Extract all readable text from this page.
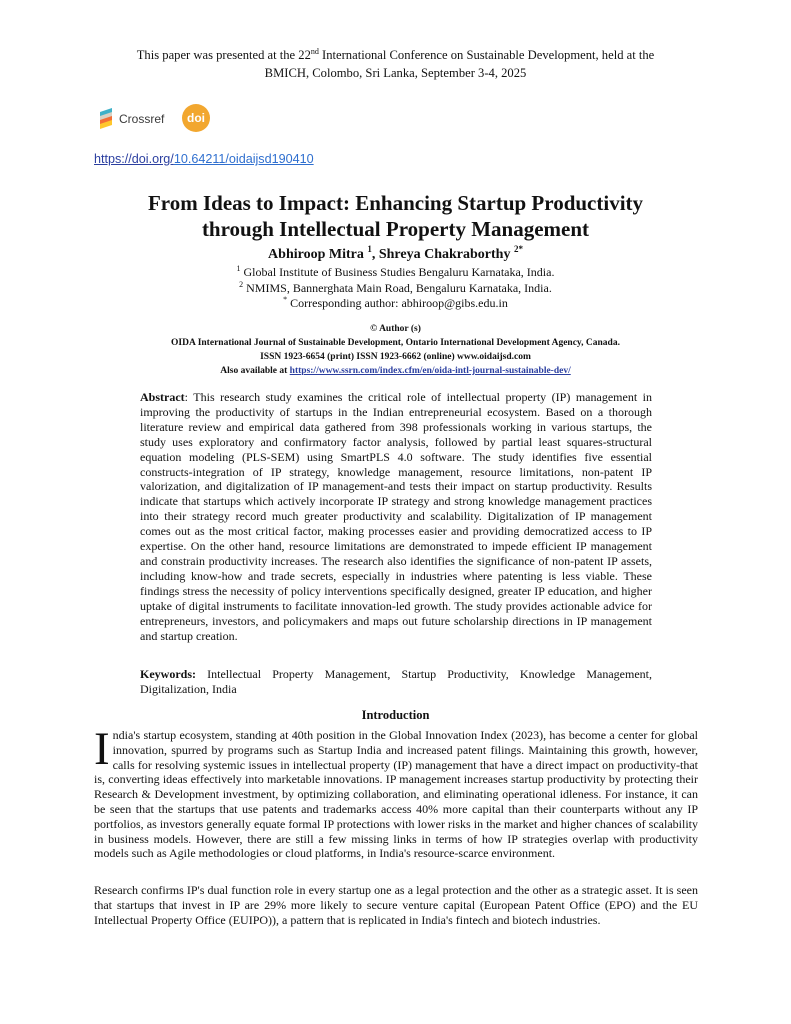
This paper was presented at the 22nd International Conference on Sustainable Development, held at the
BMICH, Colombo, Sri Lanka, September 3-4, 2025
Crossref doi
https://doi.org/10.64211/oidaijsd190410
From Ideas to Impact: Enhancing Startup Productivity
through Intellectual Property Management
Abhiroop Mitra $^1$, Shreya Chakraborthy $^{2*}$
$^1$ Global Institute of Business Studies Bengaluru Karnataka, India.
$^2$ NMIMS, Bannerghata Main Road, Bengaluru Karnataka, India.
* Corresponding author: abhiroop@gibs.edu.in
© Author (s)
OIDA International Journal of Sustainable Development, Ontario International Development Agency, Canada.
ISSN 1923-6654 (print) ISSN 1923-6662 (online) www.oidaijsd.com
Also available at https://www.ssrn.com/index.cfm/en/oida-intl-journal-sustainable-dev/

Abstract: This research study examines the critical role of intellectual property (IP) management in improving the productivity of startups in the Indian entrepreneurial ecosystem. Based on a thorough literature review and empirical data gathered from 398 professionals working in various startups, the study uses exploratory and confirmatory factor analysis, followed by partial least squares-structural equation modeling (PLS-SEM) using SmartPLS 4.0 software. The study identifies five essential constructs-integration of IP strategy, knowledge management, resource limitations, non-patent IP valorization, and digitalization of IP management-and tests their impact on startup productivity. Results indicate that startups which actively incorporate IP strategy and strong knowledge management practices into their strategy record much greater productivity and scalability. Digitalization of IP management comes out as the most critical factor, making processes easier and providing democratized access to IP expertise. On the other hand, resource limitations are demonstrated to impede efficient IP management and constrain productivity increases. The research also identifies the significance of non-patent IP assets, including know-how and trade secrets, especially in industries where patenting is less viable. These findings stress the necessity of policy interventions specifically designed, greater IP education, and higher uptake of digital instruments to facilitate innovation-led growth. The study provides actionable advice for entrepreneurs, investors, and policymakers and maps out future scholarship directions in IP management and startup creation.

Keywords: Intellectual Property Management, Startup Productivity, Knowledge Management, Digitalization, India

Introduction

India's startup ecosystem, standing at 40th position in the Global Innovation Index (2023), has become a center for global innovation, spurred by programs such as Startup India and increased patent filings. Maintaining this growth, however, calls for resolving systemic issues in intellectual property (IP) management that have a direct impact on productivity-that is, converting ideas effectively into marketable innovations. IP management increases startup productivity by protecting their Research & Development investment, by optimizing collaboration, and eliminating operational idleness. For instance, it can be seen that the startups that use patents and trademarks access 40% more capital than their counterparts without any IP portfolios, as investors generally equate formal IP protections with lower risks in the market and higher chances of scalability in business models. However, there are still a few missing links in terms of how IP strategies overlap with productivity models such as Agile methodologies or cloud platforms, in India's resource-scarce environment.

Research confirms IP's dual function role in every startup one as a legal protection and the other as a strategic asset. It is seen that startups that invest in IP are 29% more likely to secure venture capital (European Patent Office (EPO) and the EU Intellectual Property Office (EUIPO)), a pattern that is replicated in India's fintech and biotech industries.
